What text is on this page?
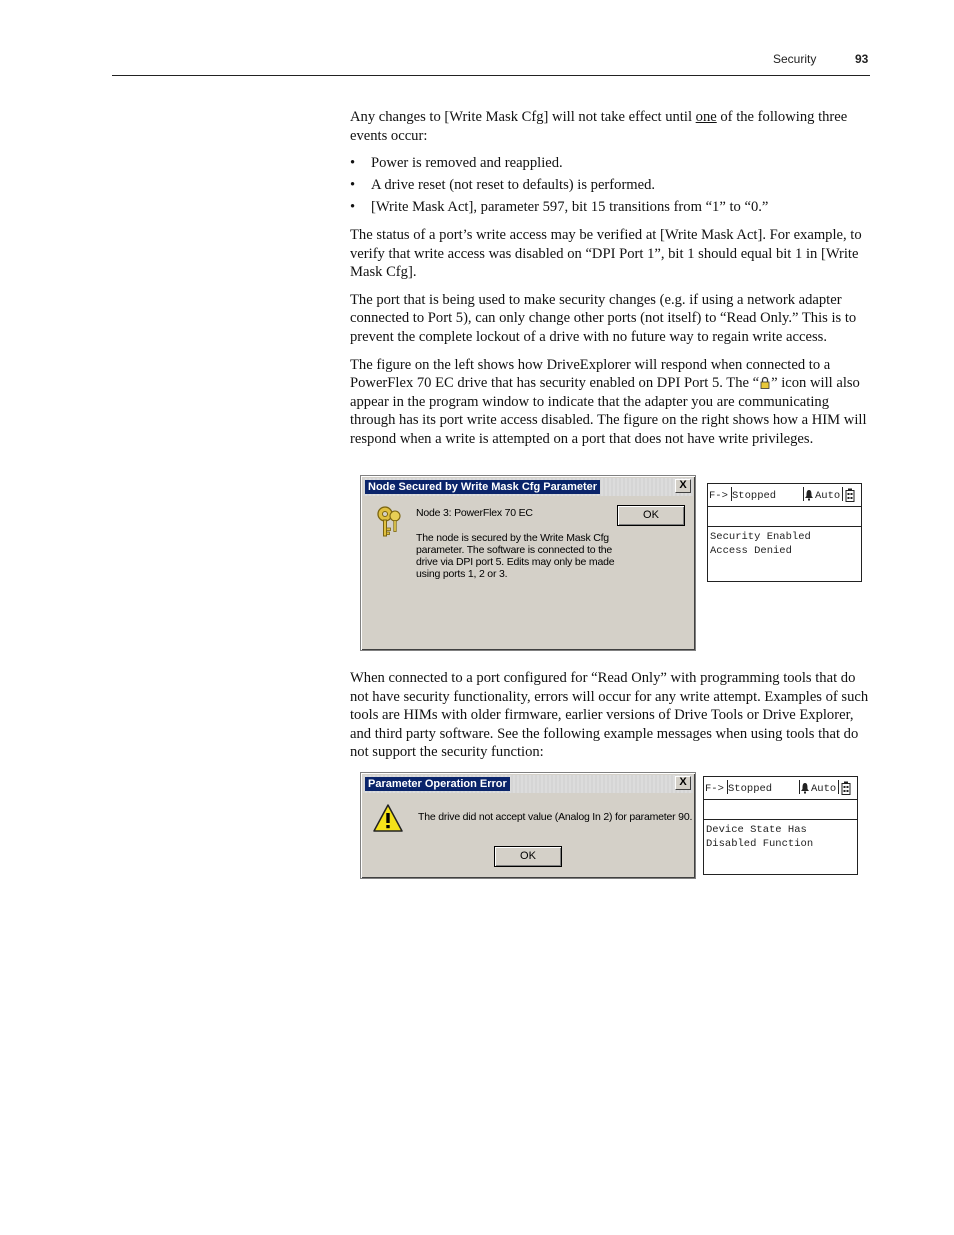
Security	93

Any changes to [Write Mask Cfg] will not take effect until one of the following three events occur:

• Power is removed and reapplied.
• A drive reset (not reset to defaults) is performed.
• [Write Mask Act], parameter 597, bit 15 transitions from “1” to “0.”

The status of a port’s write access may be verified at [Write Mask Act]. For example, to verify that write access was disabled on “DPI Port 1”, bit 1 should equal bit 1 in [Write Mask Cfg].

The port that is being used to make security changes (e.g. if using a network adapter connected to Port 5), can only change other ports (not itself) to “Read Only.” This is to prevent the complete lockout of a drive with no future way to regain write access.

The figure on the left shows how DriveExplorer will respond when connected to a PowerFlex 70 EC drive that has security enabled on DPI Port 5. The “ ” icon will also appear in the program window to indicate that the adapter you are communicating through has its port write access disabled. The figure on the right shows how a HIM will respond when a write is attempted on a port that does not have write privileges.

Node Secured by Write Mask Cfg Parameter	X
Node 3: PowerFlex 70 EC
The node is secured by the Write Mask Cfg parameter. The software is connected to the drive via DPI port 5. Edits may only be made using ports 1, 2 or 3.
OK
F-> Stopped	Auto
Security Enabled
Access Denied

When connected to a port configured for “Read Only” with programming tools that do not have security functionality, errors will occur for any write attempt. Examples of such tools are HIMs with older firmware, earlier versions of Drive Tools or Drive Explorer, and third party software. See the following example messages when using tools that do not support the security function:

Parameter Operation Error	X
The drive did not accept value (Analog In 2) for parameter 90.
OK
F-> Stopped	Auto
Device State Has
Disabled Function
